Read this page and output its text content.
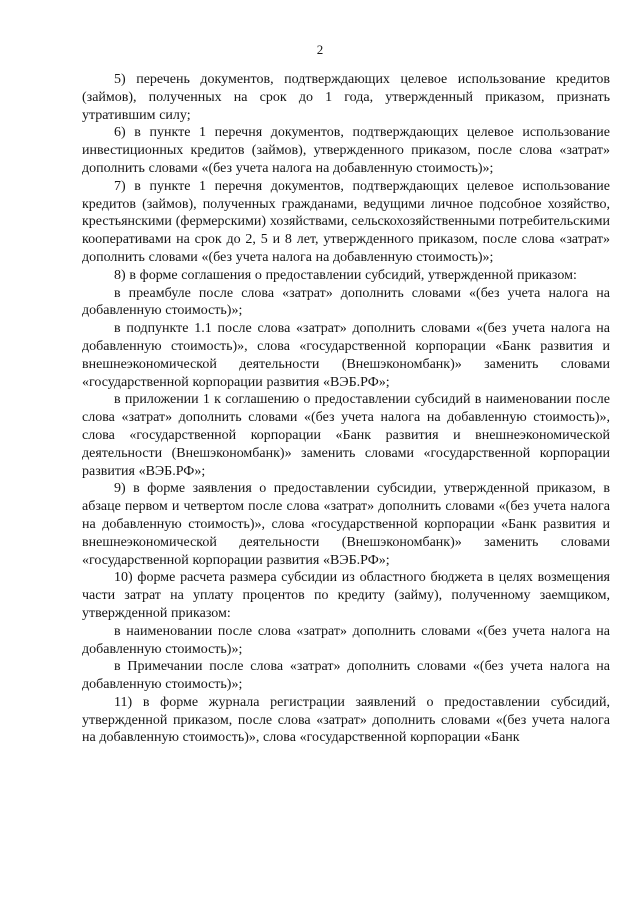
2

5) перечень документов, подтверждающих целевое использование кредитов (займов), полученных на срок до 1 года, утвержденный приказом, признать утратившим силу;

6) в пункте 1 перечня документов, подтверждающих целевое использование инвестиционных кредитов (займов), утвержденного приказом, после слова «затрат» дополнить словами «(без учета налога на добавленную стоимость)»;

7) в пункте 1 перечня документов, подтверждающих целевое использование кредитов (займов), полученных гражданами, ведущими личное подсобное хозяйство, крестьянскими (фермерскими) хозяйствами, сельскохозяйственными потребительскими кооперативами на срок до 2, 5 и 8 лет, утвержденного приказом, после слова «затрат» дополнить словами «(без учета налога на добавленную стоимость)»;

8) в форме соглашения о предоставлении субсидий, утвержденной приказом:

в преамбуле после слова «затрат» дополнить словами «(без учета налога на добавленную стоимость)»;

в подпункте 1.1 после слова «затрат» дополнить словами «(без учета налога на добавленную стоимость)», слова «государственной корпорации «Банк развития и внешнеэкономической деятельности (Внешэкономбанк)» заменить словами «государственной корпорации развития «ВЭБ.РФ»;

в приложении 1 к соглашению о предоставлении субсидий в наименовании после слова «затрат» дополнить словами «(без учета налога на добавленную стоимость)», слова «государственной корпорации «Банк развития и внешнеэкономической деятельности (Внешэкономбанк)» заменить словами «государственной корпорации развития «ВЭБ.РФ»;

9) в форме заявления о предоставлении субсидии, утвержденной приказом, в абзаце первом и четвертом после слова «затрат» дополнить словами «(без учета налога на добавленную стоимость)», слова «государственной корпорации «Банк развития и внешнеэкономической деятельности (Внешэкономбанк)» заменить словами «государственной корпорации развития «ВЭБ.РФ»;

10) форме расчета размера субсидии из областного бюджета в целях возмещения части затрат на уплату процентов по кредиту (займу), полученному заемщиком, утвержденной приказом:

в наименовании после слова «затрат» дополнить словами «(без учета налога на добавленную стоимость)»;

в Примечании после слова «затрат» дополнить словами «(без учета налога на добавленную стоимость)»;

11) в форме журнала регистрации заявлений о предоставлении субсидий, утвержденной приказом, после слова «затрат» дополнить словами «(без учета налога на добавленную стоимость)», слова «государственной корпорации «Банк
